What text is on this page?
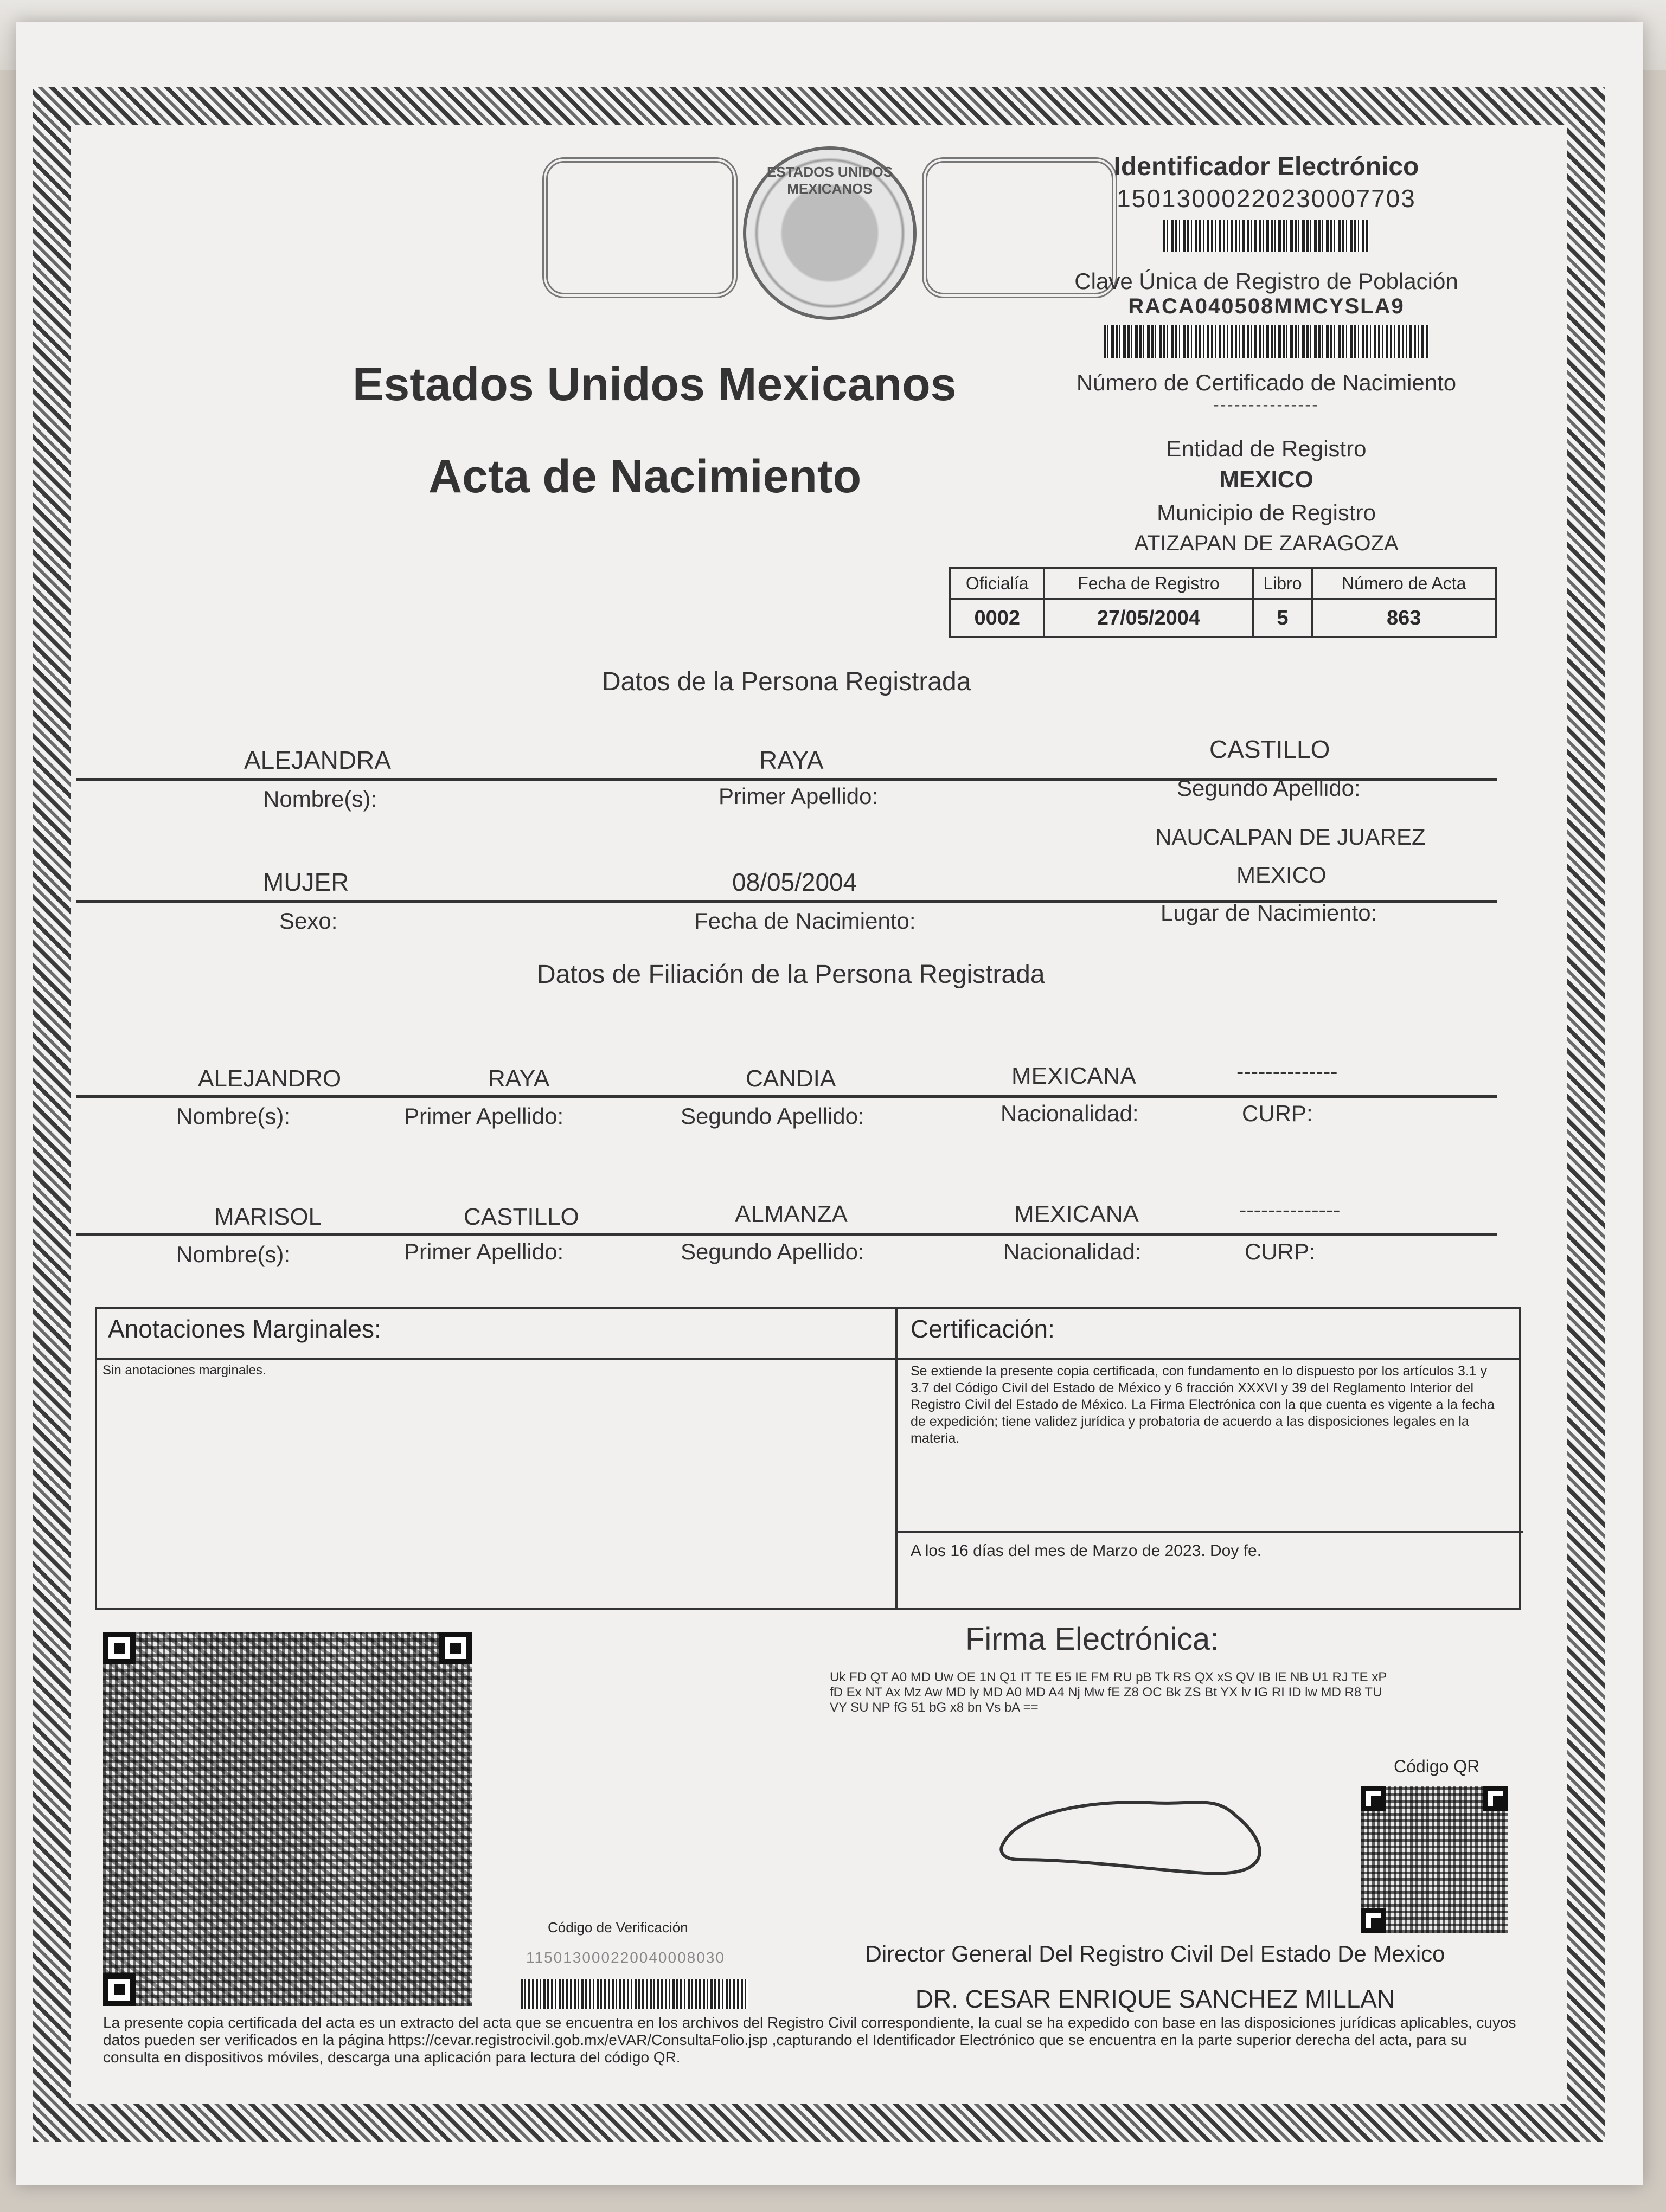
ESTADOS UNIDOS MEXICANOS
Estados Unidos Mexicanos
Acta de Nacimiento
Identificador Electrónico
15013000220230007703
Clave Única de Registro de Población
RACA040508MMCYSLA9
Número de Certificado de Nacimiento
---------------
Entidad de Registro
MEXICO
Municipio de Registro
ATIZAPAN DE ZARAGOZA
Oficialía	Fecha de Registro	Libro	Número de Acta
0002	27/05/2004	5	863
Datos de la Persona Registrada
ALEJANDRA	RAYA	CASTILLO
Nombre(s):	Primer Apellido:	Segundo Apellido:
NAUCALPAN DE JUAREZ
MUJER	08/05/2004	MEXICO
Sexo:	Fecha de Nacimiento:	Lugar de Nacimiento:
Datos de Filiación de la Persona Registrada
ALEJANDRO	RAYA	CANDIA	MEXICANA	--------------
Nombre(s):	Primer Apellido:	Segundo Apellido:	Nacionalidad:	CURP:
MARISOL	CASTILLO	ALMANZA	MEXICANA	--------------
Nombre(s):	Primer Apellido:	Segundo Apellido:	Nacionalidad:	CURP:
Anotaciones Marginales:	Certificación:
Sin anotaciones marginales.	Se extiende la presente copia certificada, con fundamento en lo dispuesto por los artículos 3.1 y 3.7 del Código Civil del Estado de México y 6 fracción XXXVI y 39 del Reglamento Interior del Registro Civil del Estado de México. La Firma Electrónica con la que cuenta es vigente a la fecha de expedición; tiene validez jurídica y probatoria de acuerdo a las disposiciones legales en la materia.
A los 16 días del mes de Marzo de 2023. Doy fe.
Firma Electrónica:
Uk FD QT A0 MD Uw OE 1N Q1 IT TE E5 IE FM RU pB Tk RS QX xS QV IB IE NB U1 RJ TE xP fD Ex NT Ax Mz Aw MD ly MD A0 MD A4 Nj Mw fE Z8 OC Bk ZS Bt YX lv IG RI ID lw MD R8 TU VY SU NP fG 51 bG x8 bn Vs bA ==
Código QR
Código de Verificación
115013000220040008030	Director General Del Registro Civil Del Estado De Mexico
DR. CESAR ENRIQUE SANCHEZ MILLAN
La presente copia certificada del acta es un extracto del acta que se encuentra en los archivos del Registro Civil correspondiente, la cual se ha expedido con base en las disposiciones jurídicas aplicables, cuyos datos pueden ser verificados en la página https://cevar.registrocivil.gob.mx/eVAR/ConsultaFolio.jsp ,capturando el Identificador Electrónico que se encuentra en la parte superior derecha del acta, para su consulta en dispositivos móviles, descarga una aplicación para lectura del código QR.
